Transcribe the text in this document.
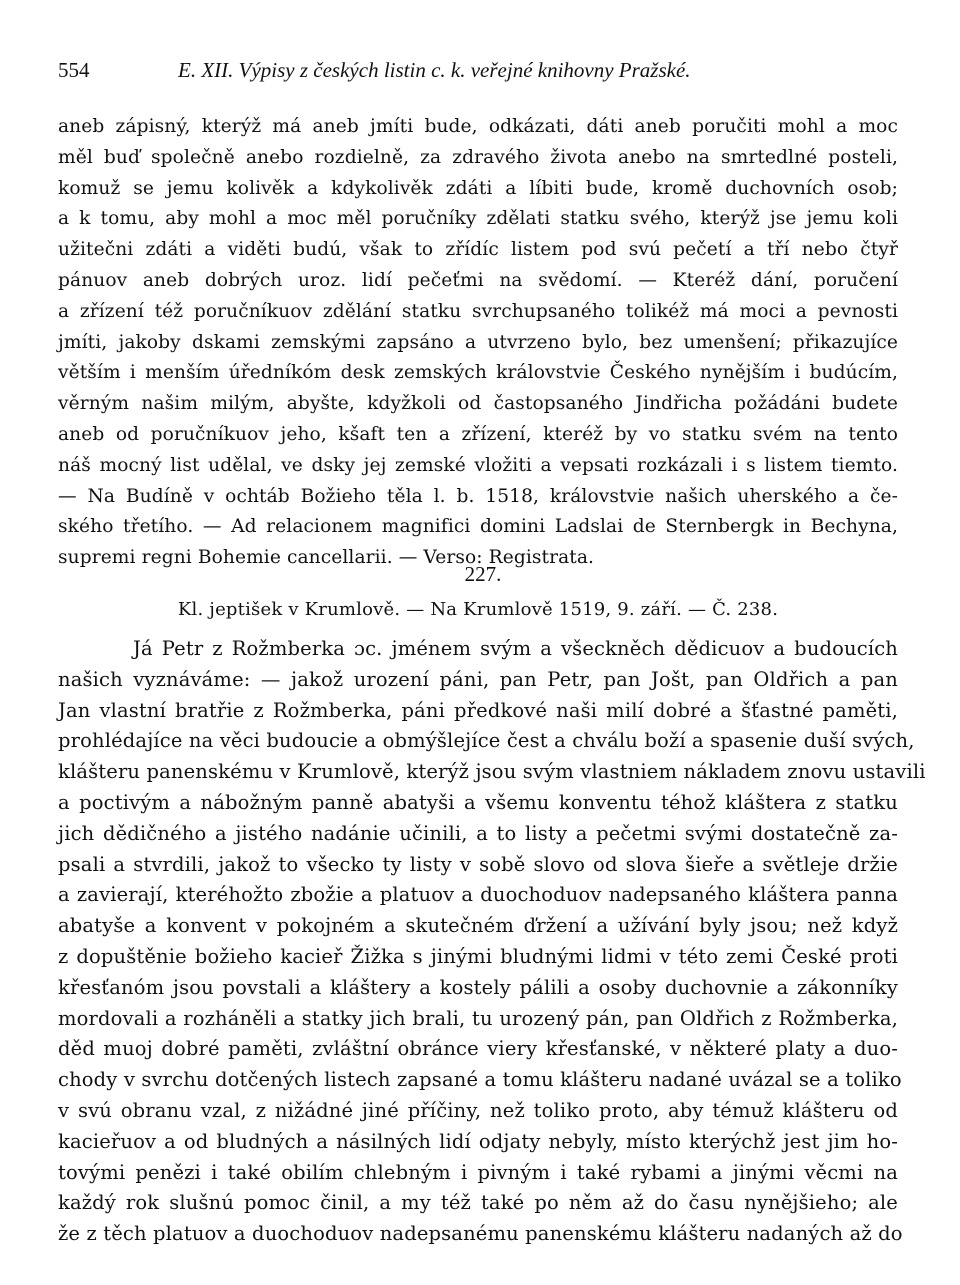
554	E. XII. Výpisy z českých listin c. k. veřejné knihovny Pražské.
aneb zápisný, kterýž má aneb jmíti bude, odkázati, dáti aneb poručiti mohl a moc
měl buď společně anebo rozdielně, za zdravého života anebo na smrtedlné posteli,
komuž se jemu kolivěk a kdykolivěk zdáti a líbiti bude, kromě duchovních osob;
a k tomu, aby mohl a moc měl poručníky zdělati statku svého, kterýž jse jemu koli
užitečni zdáti a viděti budú, však to zřídíc listem pod svú pečetí a tří nebo čtyř
pánuov aneb dobrých uroz. lidí pečeťmi na svědomí. — Kteréž dání, poručení
a zřízení též poručníkuov zdělání statku svrchupsaného tolikéž má moci a pevnosti
jmíti, jakoby dskami zemskými zapsáno a utvrzeno bylo, bez umenšení; přikazujíce
větším i menším úředníkóm desk zemských královstvie Českého nynějším i budúcím,
věrným našim milým, abyšte, kdyžkoli od častopsaného Jindřicha požádáni budete
aneb od poručníkuov jeho, kšaft ten a zřízení, kteréž by vo statku svém na tento
náš mocný list udělal, ve dsky jej zemské vložiti a vepsati rozkázali i s listem tiemto.
— Na Budíně v ochtáb Božieho těla l. b. 1518, královstvie našich uherského a če-
ského třetího. — Ad relacionem magnifici domini Ladslai de Sternbergk in Bechyna,
supremi regni Bohemie cancellarii. — Verso: Registrata.
227.
Kl. jeptišek v Krumlově. — Na Krumlově 1519, 9. září. — Č. 238.
Já Petr z Rožmberka ɔc. jménem svým a všeckněch dědicuov a budoucích
našich vyznáváme: — jakož urození páni, pan Petr, pan Jošt, pan Oldřich a pan
Jan vlastní bratřie z Rožmberka, páni předkové naši milí dobré a šťastné paměti,
prohlédajíce na věci budoucie a obmýšlejíce čest a chválu boží a spasenie duší svých,
klášteru panenskému v Krumlově, kterýž jsou svým vlastniem nákladem znovu ustavili
a poctivým a nábožným panně abatyši a všemu konventu téhož kláštera z statku
jich dědičného a jistého nadánie učinili, a to listy a pečetmi svými dostatečně za-
psali a stvrdili, jakož to všecko ty listy v sobě slovo od slova šieře a světleje držie
a zavierají, kteréhožto zbožie a platuov a duochoduov nadepsaného kláštera panna
abatyše a konvent v pokojném a skutečném ďržení a užívání byly jsou; než když
z dopuštěnie božieho kacieř Žižka s jinými bludnými lidmi v této zemi České proti
křesťanóm jsou povstali a kláštery a kostely pálili a osoby duchovnie a zákonníky
mordovali a rozháněli a statky jich brali, tu urozený pán, pan Oldřich z Rožmberka,
děd muoj dobré paměti, zvláštní obránce viery křesťanské, v některé platy a duo-
chody v svrchu dotčených listech zapsané a tomu klášteru nadané uvázal se a toliko
v svú obranu vzal, z nižádné jiné příčiny, než toliko proto, aby témuž klášteru od
kacieřuov a od bludných a násilných lidí odjaty nebyly, místo kterýchž jest jim ho-
tovými penězi i také obilím chlebným i pivným i také rybami a jinými věcmi na
každý rok slušnú pomoc činil, a my též také po něm až do času nynějšieho; ale
že z těch platuov a duochoduov nadepsanému panenskému klášteru nadaných až do
